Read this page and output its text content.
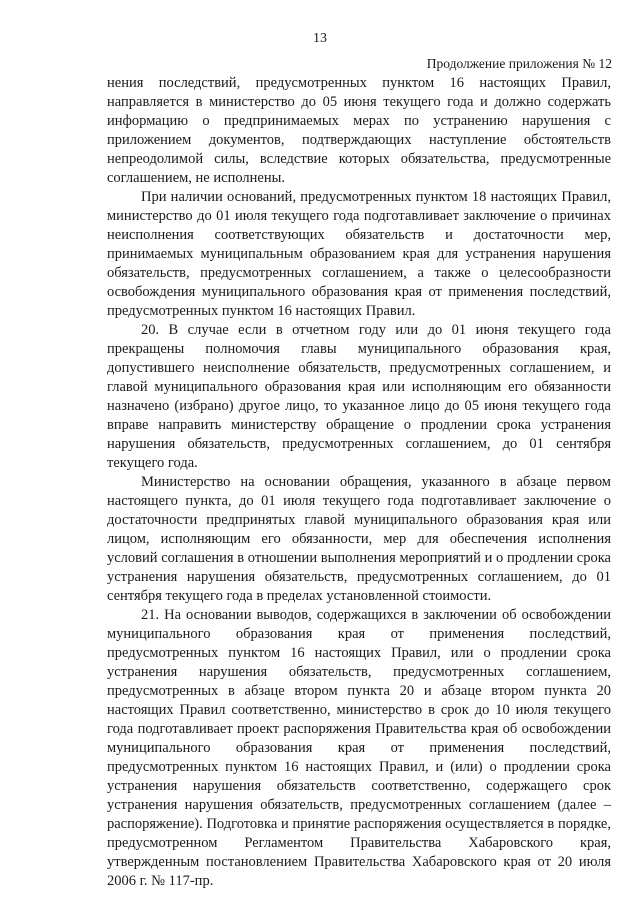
13
Продолжение приложения № 12

нения последствий, предусмотренных пунктом 16 настоящих Правил, направляется в министерство до 05 июня текущего года и должно содержать информацию о предпринимаемых мерах по устранению нарушения с приложением документов, подтверждающих наступление обстоятельств непреодолимой силы, вследствие которых обязательства, предусмотренные соглашением, не исполнены.

При наличии оснований, предусмотренных пунктом 18 настоящих Правил, министерство до 01 июля текущего года подготавливает заключение о причинах неисполнения соответствующих обязательств и достаточности мер, принимаемых муниципальным образованием края для устранения нарушения обязательств, предусмотренных соглашением, а также о целесообразности освобождения муниципального образования края от применения последствий, предусмотренных пунктом 16 настоящих Правил.

20. В случае если в отчетном году или до 01 июня текущего года прекращены полномочия главы муниципального образования края, допустившего неисполнение обязательств, предусмотренных соглашением, и главой муниципального образования края или исполняющим его обязанности назначено (избрано) другое лицо, то указанное лицо до 05 июня текущего года вправе направить министерству обращение о продлении срока устранения нарушения обязательств, предусмотренных соглашением, до 01 сентября текущего года.

Министерство на основании обращения, указанного в абзаце первом настоящего пункта, до 01 июля текущего года подготавливает заключение о достаточности предпринятых главой муниципального образования края или лицом, исполняющим его обязанности, мер для обеспечения исполнения условий соглашения в отношении выполнения мероприятий и о продлении срока устранения нарушения обязательств, предусмотренных соглашением, до 01 сентября текущего года в пределах установленной стоимости.

21. На основании выводов, содержащихся в заключении об освобождении муниципального образования края от применения последствий, предусмотренных пунктом 16 настоящих Правил, или о продлении срока устранения нарушения обязательств, предусмотренных соглашением, предусмотренных в абзаце втором пункта 20 и абзаце втором пункта 20 настоящих Правил соответственно, министерство в срок до 10 июля текущего года подготавливает проект распоряжения Правительства края об освобождении муниципального образования края от применения последствий, предусмотренных пунктом 16 настоящих Правил, и (или) о продлении срока устранения нарушения обязательств соответственно, содержащего срок устранения нарушения обязательств, предусмотренных соглашением (далее – распоряжение). Подготовка и принятие распоряжения осуществляется в порядке, предусмотренном Регламентом Правительства Хабаровского края, утвержденным постановлением Правительства Хабаровского края от 20 июля 2006 г. № 117-пр.
